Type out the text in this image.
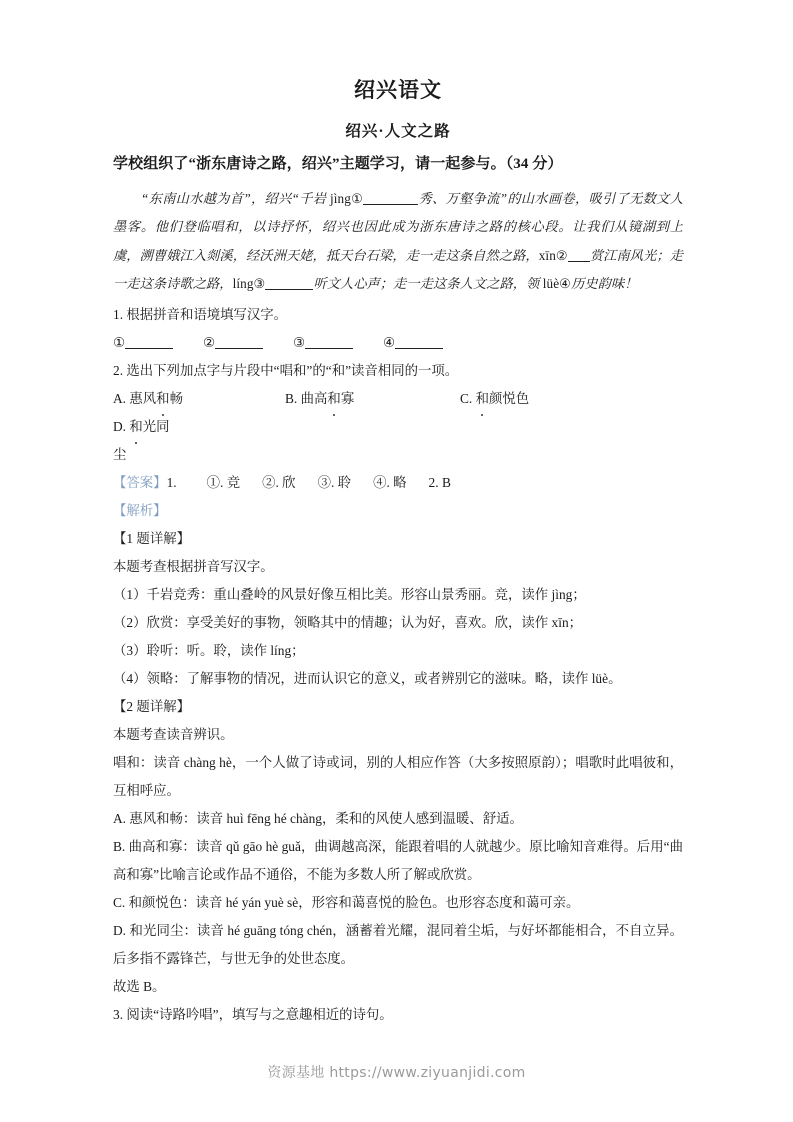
绍兴语文
绍兴·人文之路

学校组织了“浙东唐诗之路，绍兴”主题学习，请一起参与。（34 分）

“东南山水越为首”，绍兴“千岩 jìng①	秀、万壑争流”的山水画卷，吸引了无数文人墨客。他们登临唱和，以诗抒怀，绍兴也因此成为浙东唐诗之路的核心段。让我们从镜湖到上虞，溯曹娥江入剡溪，经沃洲天姥，抵天台石梁，走一走这条自然之路，xīn② 赏江南风光；走一走这条诗歌之路，líng③	听文人心声；走一走这条人文之路，领 lüè④历史韵味！

1. 根据拼音和语境填写汉字。

①	②	③	④

2. 选出下列加点字与片段中“唱和”的“和”读音相同的一项。

A. 惠风和畅	B. 曲高和寡	C. 和颜悦色D. 和光同

尘

【答案】1. ①. 竞 ②. 欣 ③. 聆 ④. 略 2. B

【解析】

【1 题详解】

本题考查根据拼音写汉字。

（1）千岩竞秀：重山叠岭的风景好像互相比美。形容山景秀丽。竞，读作 jìng；

（2）欣赏：享受美好的事物，领略其中的情趣；认为好，喜欢。欣，读作 xīn；

（3）聆听：听。聆，读作 líng；

（4）领略：了解事物的情况，进而认识它的意义，或者辨别它的滋味。略，读作 lüè。

【2 题详解】

本题考查读音辨识。

唱和：读音 chàng hè，一个人做了诗或词，别的人相应作答（大多按照原韵）；唱歌时此唱彼和，互相呼应。

A. 惠风和畅：读音 huì fēng hé chàng，柔和的风使人感到温暖、舒适。

B. 曲高和寡：读音 qǔ gāo hè guǎ，曲调越高深，能跟着唱的人就越少。原比喻知音难得。后用“曲高和寡”比喻言论或作品不通俗，不能为多数人所了解或欣赏。

C. 和颜悦色：读音 hé yán yuè sè，形容和蔼喜悦的脸色。也形容态度和蔼可亲。

D. 和光同尘：读音 hé guāng tóng chén，涵蓄着光耀，混同着尘垢，与好坏都能相合，不自立异。后多指不露锋芒，与世无争的处世态度。

故选 B。

3. 阅读“诗路吟唱”，填写与之意趣相近的诗句。

资源基地 https://www.ziyuanjidi.com
